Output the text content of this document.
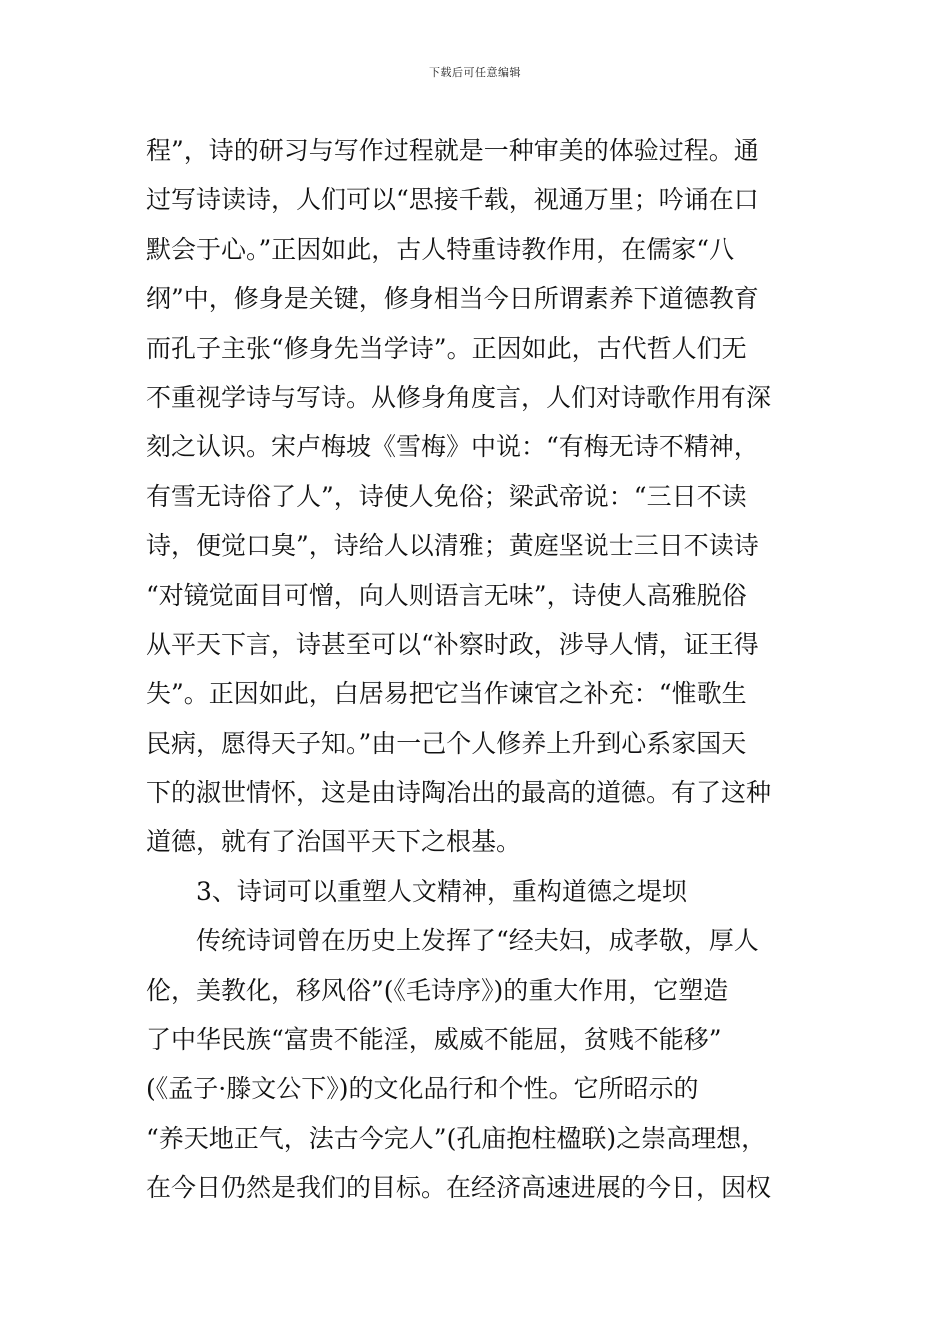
下载后可任意编辑
程”，诗的研习与写作过程就是一种审美的体验过程。通
过写诗读诗，人们可以“思接千载，视通万里；吟诵在口
默会于心。”正因如此，古人特重诗教作用，在儒家“八
纲”中，修身是关键，修身相当今日所谓素养下道德教育
而孔子主张“修身先当学诗”。正因如此，古代哲人们无
不重视学诗与写诗。从修身角度言，人们对诗歌作用有深
刻之认识。宋卢梅坡《雪梅》中说：“有梅无诗不精神，
有雪无诗俗了人”，诗使人免俗；梁武帝说：“三日不读
诗，便觉口臭”，诗给人以清雅；黄庭坚说士三日不读诗
“对镜觉面目可憎，向人则语言无味”，诗使人高雅脱俗
从平天下言，诗甚至可以“补察时政，涉导人情，证王得
失”。正因如此，白居易把它当作谏官之补充：“惟歌生
民病，愿得天子知。”由一己个人修养上升到心系家国天
下的淑世情怀，这是由诗陶冶出的最高的道德。有了这种
道德，就有了治国平天下之根基。
3、诗词可以重塑人文精神，重构道德之堤坝
传统诗词曾在历史上发挥了“经夫妇，成孝敬，厚人
伦，美教化，移风俗”(《毛诗序》)的重大作用，它塑造
了中华民族“富贵不能淫，威威不能屈，贫贱不能移”
(《孟子·滕文公下》)的文化品行和个性。它所昭示的
“养天地正气，法古今完人”(孔庙抱柱楹联)之崇高理想，
在今日仍然是我们的目标。在经济高速进展的今日，因权
